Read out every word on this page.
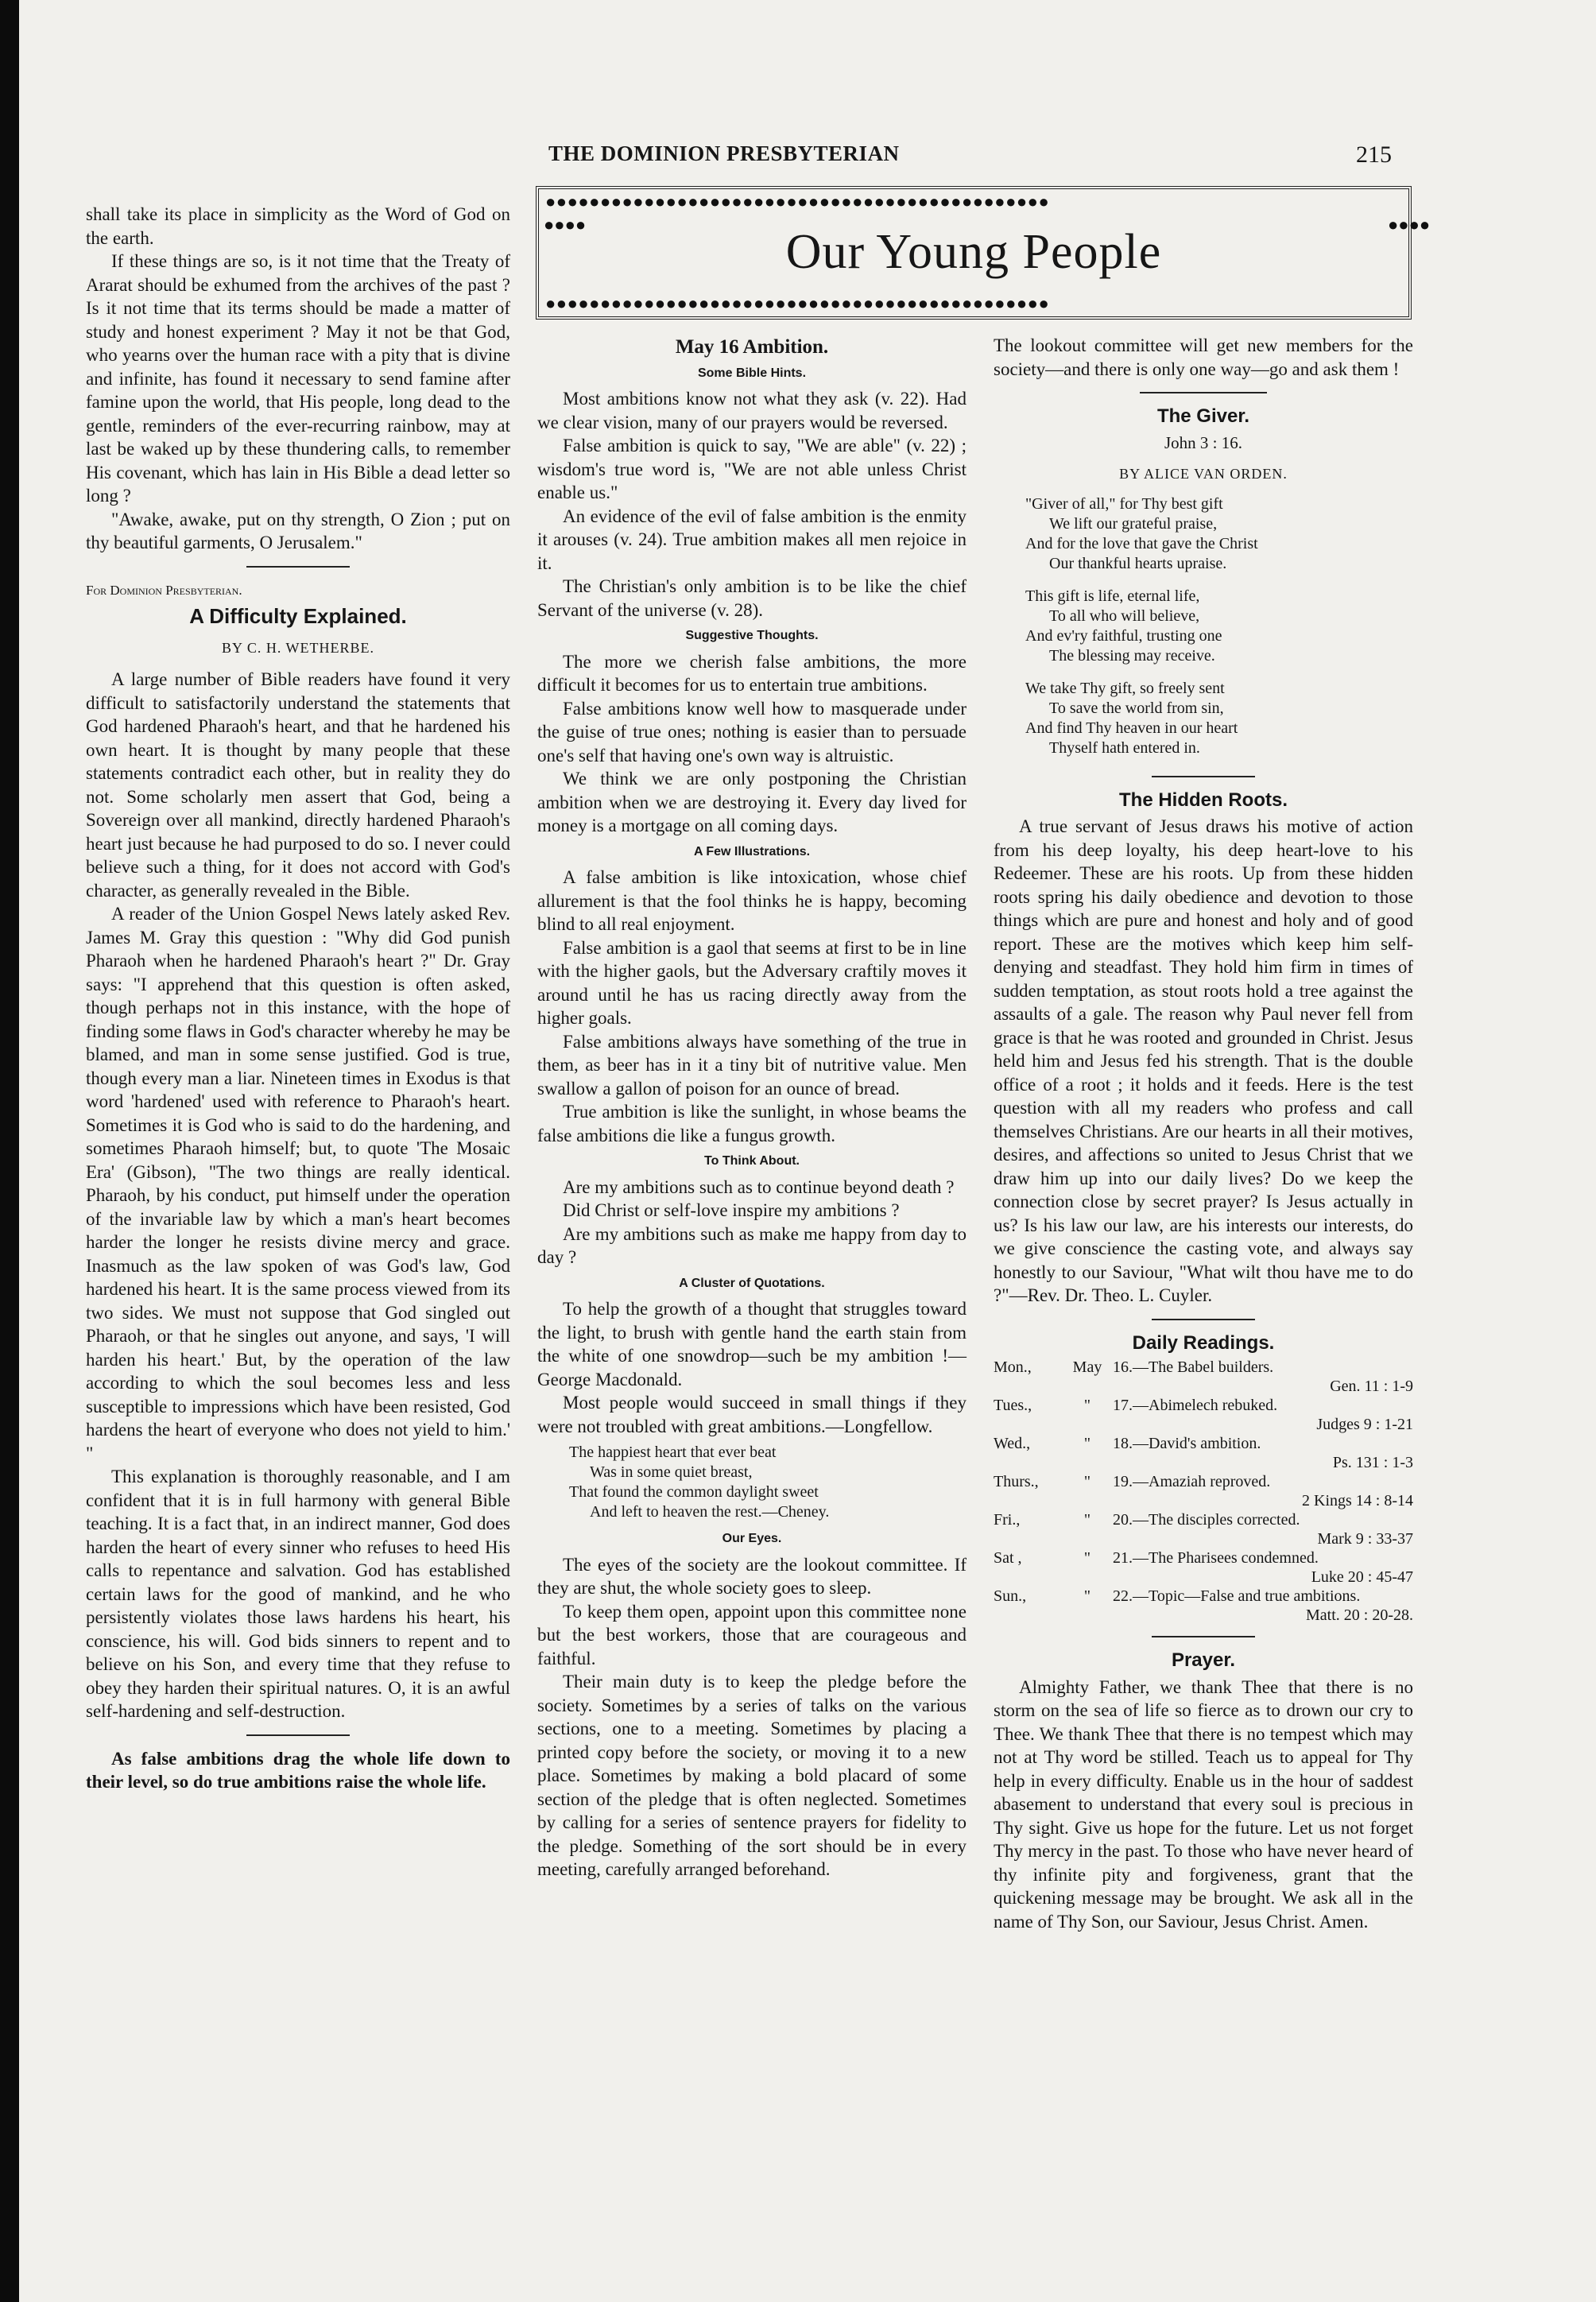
THE DOMINION PRESBYTERIAN	215
●●●●●●●●●●●●●●●●●●●●●●●●●●●●●●●●●●●●●●●●●●●●●●
●●●●	●●●●
Our Young People
●●●●●●●●●●●●●●●●●●●●●●●●●●●●●●●●●●●●●●●●●●●●●●

shall take its place in simplicity as the Word of God on the earth.

If these things are so, is it not time that the Treaty of Ararat should be exhumed from the archives of the past ? Is it not time that its terms should be made a matter of study and honest experiment ? May it not be that God, who yearns over the human race with a pity that is divine and infinite, has found it necessary to send famine after famine upon the world, that His people, long dead to the gentle, reminders of the ever-recurring rainbow, may at last be waked up by these thundering calls, to remember His covenant, which has lain in His Bible a dead letter so long ?

"Awake, awake, put on thy strength, O Zion ; put on thy beautiful garments, O Jerusalem."

For Dominion Presbyterian.
A Difficulty Explained.
BY C. H. WETHERBE.

A large number of Bible readers have found it very difficult to satisfactorily understand the statements that God hardened Pharaoh's heart, and that he hardened his own heart. It is thought by many people that these statements contradict each other, but in reality they do not. Some scholarly men assert that God, being a Sovereign over all mankind, directly hardened Pharaoh's heart just because he had purposed to do so. I never could believe such a thing, for it does not accord with God's character, as generally revealed in the Bible.

A reader of the Union Gospel News lately asked Rev. James M. Gray this question : "Why did God punish Pharaoh when he hardened Pharaoh's heart ?" Dr. Gray says: "I apprehend that this question is often asked, though perhaps not in this instance, with the hope of finding some flaws in God's character whereby he may be blamed, and man in some sense justified. God is true, though every man a liar. Nineteen times in Exodus is that word 'hardened' used with reference to Pharaoh's heart. Sometimes it is God who is said to do the hardening, and sometimes Pharaoh himself; but, to quote 'The Mosaic Era' (Gibson), "The two things are really identical. Pharaoh, by his conduct, put himself under the operation of the invariable law by which a man's heart becomes harder the longer he resists divine mercy and grace. Inasmuch as the law spoken of was God's law, God hardened his heart. It is the same process viewed from its two sides. We must not suppose that God singled out Pharaoh, or that he singles out anyone, and says, 'I will harden his heart.' But, by the operation of the law according to which the soul becomes less and less susceptible to impressions which have been resisted, God hardens the heart of everyone who does not yield to him.' "

This explanation is thoroughly reasonable, and I am confident that it is in full harmony with general Bible teaching. It is a fact that, in an indirect manner, God does harden the heart of every sinner who refuses to heed His calls to repentance and salvation. God has established certain laws for the good of mankind, and he who persistently violates those laws hardens his heart, his conscience, his will. God bids sinners to repent and to believe on his Son, and every time that they refuse to obey they harden their spiritual natures. O, it is an awful self-hardening and self-destruction.

As false ambitions drag the whole life down to their level, so do true ambitions raise the whole life.

May 16 Ambition.
Some Bible Hints.

Most ambitions know not what they ask (v. 22). Had we clear vision, many of our prayers would be reversed.

False ambition is quick to say, "We are able" (v. 22) ; wisdom's true word is, "We are not able unless Christ enable us."

An evidence of the evil of false ambition is the enmity it arouses (v. 24). True ambition makes all men rejoice in it.

The Christian's only ambition is to be like the chief Servant of the universe (v. 28).

Suggestive Thoughts.

The more we cherish false ambitions, the more difficult it becomes for us to entertain true ambitions.

False ambitions know well how to masquerade under the guise of true ones; nothing is easier than to persuade one's self that having one's own way is altruistic.

We think we are only postponing the Christian ambition when we are destroying it. Every day lived for money is a mortgage on all coming days.

A Few Illustrations.

A false ambition is like intoxication, whose chief allurement is that the fool thinks he is happy, becoming blind to all real enjoyment.

False ambition is a gaol that seems at first to be in line with the higher gaols, but the Adversary craftily moves it around until he has us racing directly away from the higher goals.

False ambitions always have something of the true in them, as beer has in it a tiny bit of nutritive value. Men swallow a gallon of poison for an ounce of bread.

True ambition is like the sunlight, in whose beams the false ambitions die like a fungus growth.

To Think About.

Are my ambitions such as to continue beyond death ?

Did Christ or self-love inspire my ambitions ?

Are my ambitions such as make me happy from day to day ?

A Cluster of Quotations.

To help the growth of a thought that struggles toward the light, to brush with gentle hand the earth stain from the white of one snowdrop—such be my ambition !—George Macdonald.

Most people would succeed in small things if they were not troubled with great ambitions.—Longfellow.

The happiest heart that ever beat
Was in some quiet breast,
That found the common daylight sweet
And left to heaven the rest.—Cheney.
Our Eyes.

The eyes of the society are the lookout committee. If they are shut, the whole society goes to sleep.

To keep them open, appoint upon this committee none but the best workers, those that are courageous and faithful.

Their main duty is to keep the pledge before the society. Sometimes by a series of talks on the various sections, one to a meeting. Sometimes by placing a printed copy before the society, or moving it to a new place. Sometimes by making a bold placard of some section of the pledge that is often neglected. Sometimes by calling for a series of sentence prayers for fidelity to the pledge. Something of the sort should be in every meeting, carefully arranged beforehand.

The lookout committee will get new members for the society—and there is only one way—go and ask them !

The Giver.
John 3 : 16.
BY ALICE VAN ORDEN.
"Giver of all," for Thy best gift
We lift our grateful praise,
And for the love that gave the Christ
Our thankful hearts upraise.
This gift is life, eternal life,
To all who will believe,
And ev'ry faithful, trusting one
The blessing may receive.
We take Thy gift, so freely sent
To save the world from sin,
And find Thy heaven in our heart
Thyself hath entered in.
The Hidden Roots.

A true servant of Jesus draws his motive of action from his deep loyalty, his deep heart-love to his Redeemer. These are his roots. Up from these hidden roots spring his daily obedience and devotion to those things which are pure and honest and holy and of good report. These are the motives which keep him self-denying and steadfast. They hold him firm in times of sudden temptation, as stout roots hold a tree against the assaults of a gale. The reason why Paul never fell from grace is that he was rooted and grounded in Christ. Jesus held him and Jesus fed his strength. That is the double office of a root ; it holds and it feeds. Here is the test question with all my readers who profess and call themselves Christians. Are our hearts in all their motives, desires, and affections so united to Jesus Christ that we draw him up into our daily lives? Do we keep the connection close by secret prayer? Is Jesus actually in us? Is his law our law, are his interests our interests, do we give conscience the casting vote, and always say honestly to our Saviour, "What wilt thou have me to do ?"—Rev. Dr. Theo. L. Cuyler.

Daily Readings.
Mon.,	May	16.—The Babel builders.
Gen. 11 : 1-9		
Tues.,	"	17.—Abimelech rebuked.
Judges 9 : 1-21		
Wed.,	"	18.—David's ambition.
Ps. 131 : 1-3		
Thurs.,	"	19.—Amaziah reproved.
2 Kings 14 : 8-14		
Fri.,	"	20.—The disciples corrected.
Mark 9 : 33-37		
Sat ,	"	21.—The Pharisees condemned.
Luke 20 : 45-47		
Sun.,	"	22.—Topic—False and true ambitions.
Matt. 20 : 20-28.		
Prayer.

Almighty Father, we thank Thee that there is no storm on the sea of life so fierce as to drown our cry to Thee. We thank Thee that there is no tempest which may not at Thy word be stilled. Teach us to appeal for Thy help in every difficulty. Enable us in the hour of saddest abasement to understand that every soul is precious in Thy sight. Give us hope for the future. Let us not forget Thy mercy in the past. To those who have never heard of thy infinite pity and forgiveness, grant that the quickening message may be brought. We ask all in the name of Thy Son, our Saviour, Jesus Christ. Amen.
